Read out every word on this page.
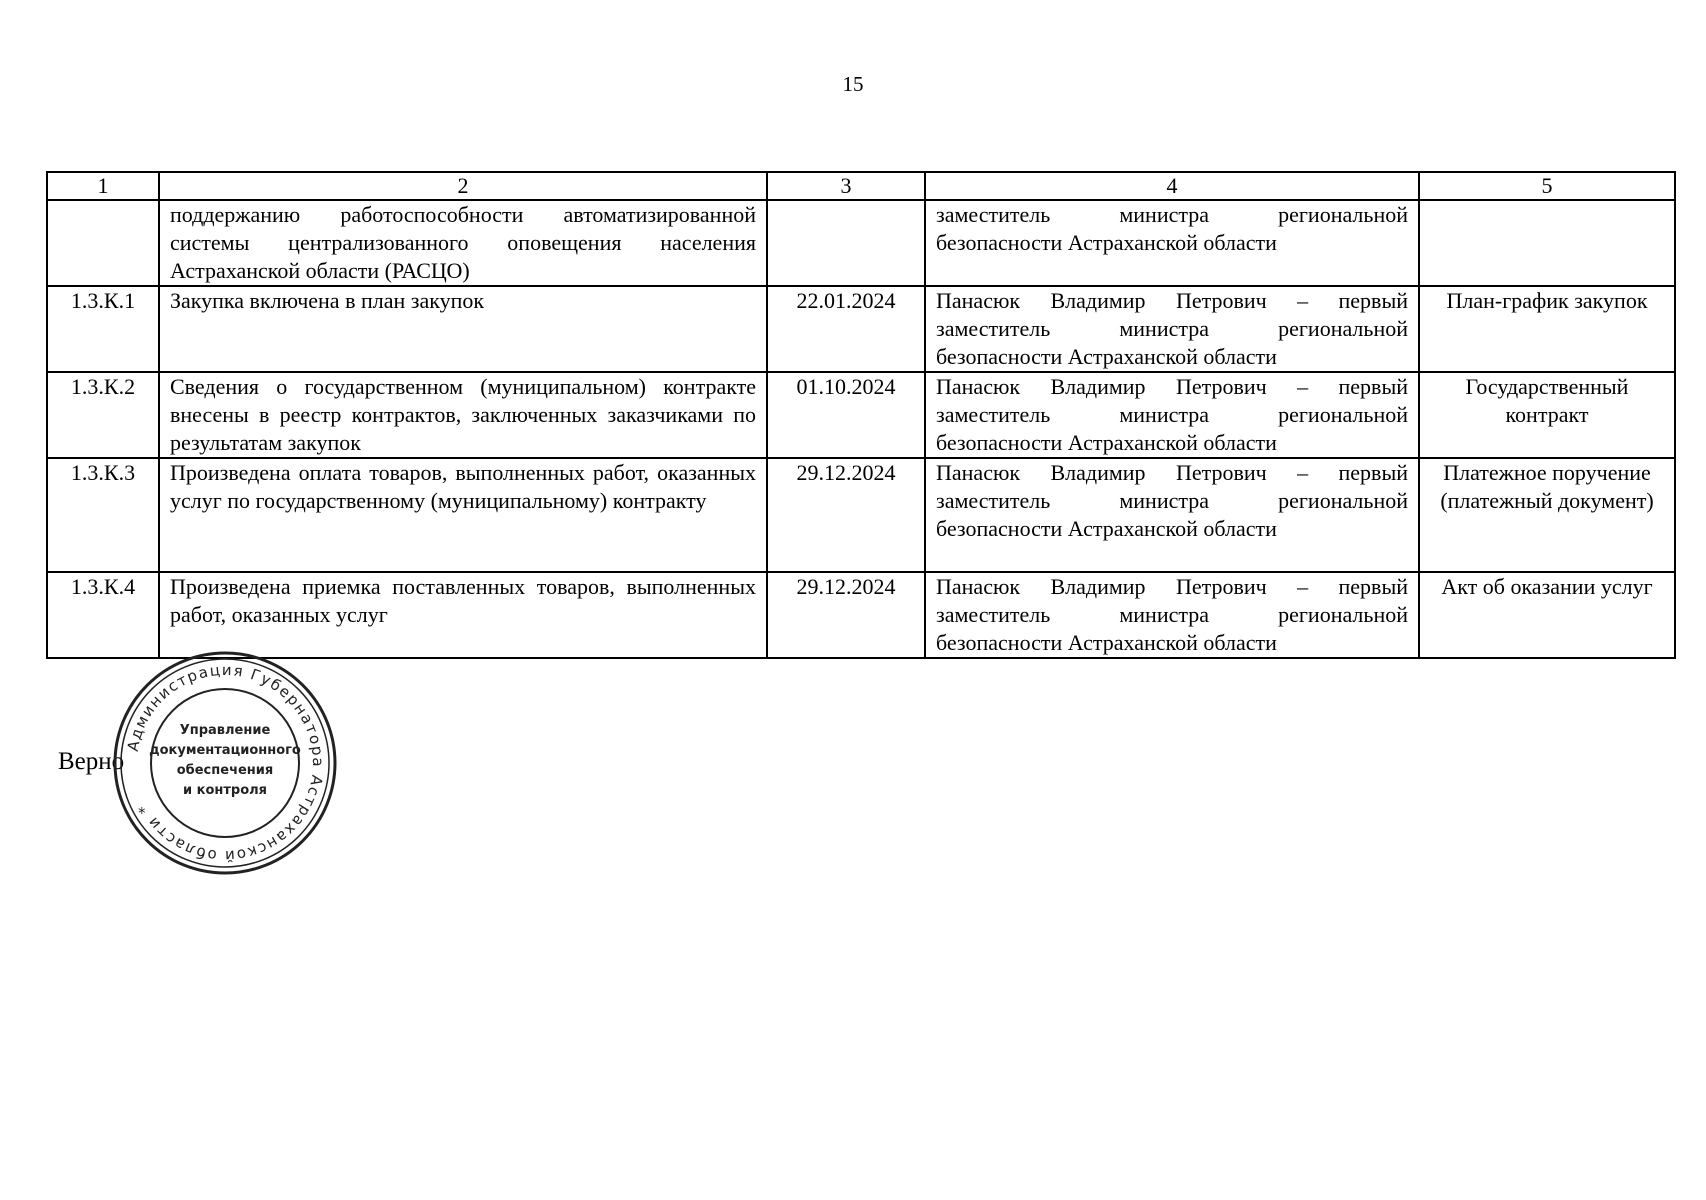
15
1	2	3	4	5
	поддержанию работоспособности автоматизированной системы централизованного оповещения населения Астраханской области (РАСЦО)		заместитель министра региональной безопасности Астраханской области	
1.3.К.1	Закупка включена в план закупок	22.01.2024	Панасюк Владимир Петрович – первый заместитель министра региональной безопасности Астраханской области	План-график закупок
1.3.К.2	Сведения о государственном (муниципальном) контракте внесены в реестр контрактов, заключенных заказчиками по результатам закупок	01.10.2024	Панасюк Владимир Петрович – первый заместитель министра региональной безопасности Астраханской области	Государственный контракт
1.3.К.3	Произведена оплата товаров, выполненных работ, оказанных услуг по государственному (муниципальному) контракту	29.12.2024	Панасюк Владимир Петрович – первый заместитель министра региональной безопасности Астраханской области	Платежное поручение (платежный документ)
1.3.К.4	Произведена приемка поставленных товаров, выполненных работ, оказанных услуг	29.12.2024	Панасюк Владимир Петрович – первый заместитель министра региональной безопасности Астраханской области	Акт об оказании услуг
Верно
Администрация Губернатора Астраханской области *
Управление
документационного
обеспечения
и контроля
